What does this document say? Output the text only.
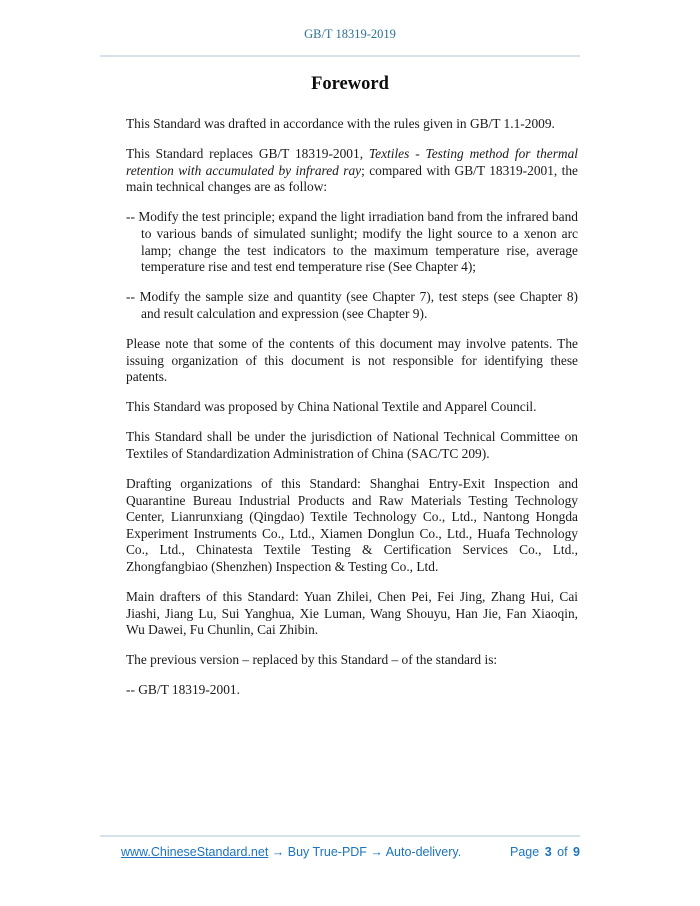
GB/T 18319-2019
Foreword

This Standard was drafted in accordance with the rules given in GB/T 1.1-2009.

This Standard replaces GB/T 18319-2001, Textiles - Testing method for thermal retention with accumulated by infrared ray; compared with GB/T 18319-2001, the main technical changes are as follow:

-- Modify the test principle; expand the light irradiation band from the infrared band to various bands of simulated sunlight; modify the light source to a xenon arc lamp; change the test indicators to the maximum temperature rise, average temperature rise and test end temperature rise (See Chapter 4);

-- Modify the sample size and quantity (see Chapter 7), test steps (see Chapter 8) and result calculation and expression (see Chapter 9).

Please note that some of the contents of this document may involve patents. The issuing organization of this document is not responsible for identifying these patents.

This Standard was proposed by China National Textile and Apparel Council.

This Standard shall be under the jurisdiction of National Technical Committee on Textiles of Standardization Administration of China (SAC/TC 209).

Drafting organizations of this Standard: Shanghai Entry-Exit Inspection and Quarantine Bureau Industrial Products and Raw Materials Testing Technology Center, Lianrunxiang (Qingdao) Textile Technology Co., Ltd., Nantong Hongda Experiment Instruments Co., Ltd., Xiamen Donglun Co., Ltd., Huafa Technology Co., Ltd., Chinatesta Textile Testing & Certification Services Co., Ltd., Zhongfangbiao (Shenzhen) Inspection & Testing Co., Ltd.

Main drafters of this Standard: Yuan Zhilei, Chen Pei, Fei Jing, Zhang Hui, Cai Jiashi, Jiang Lu, Sui Yanghua, Xie Luman, Wang Shouyu, Han Jie, Fan Xiaoqin, Wu Dawei, Fu Chunlin, Cai Zhibin.

The previous version – replaced by this Standard – of the standard is:

-- GB/T 18319-2001.

www.ChineseStandard.net → Buy True-PDF → Auto-delivery.	Page 3 of 9
